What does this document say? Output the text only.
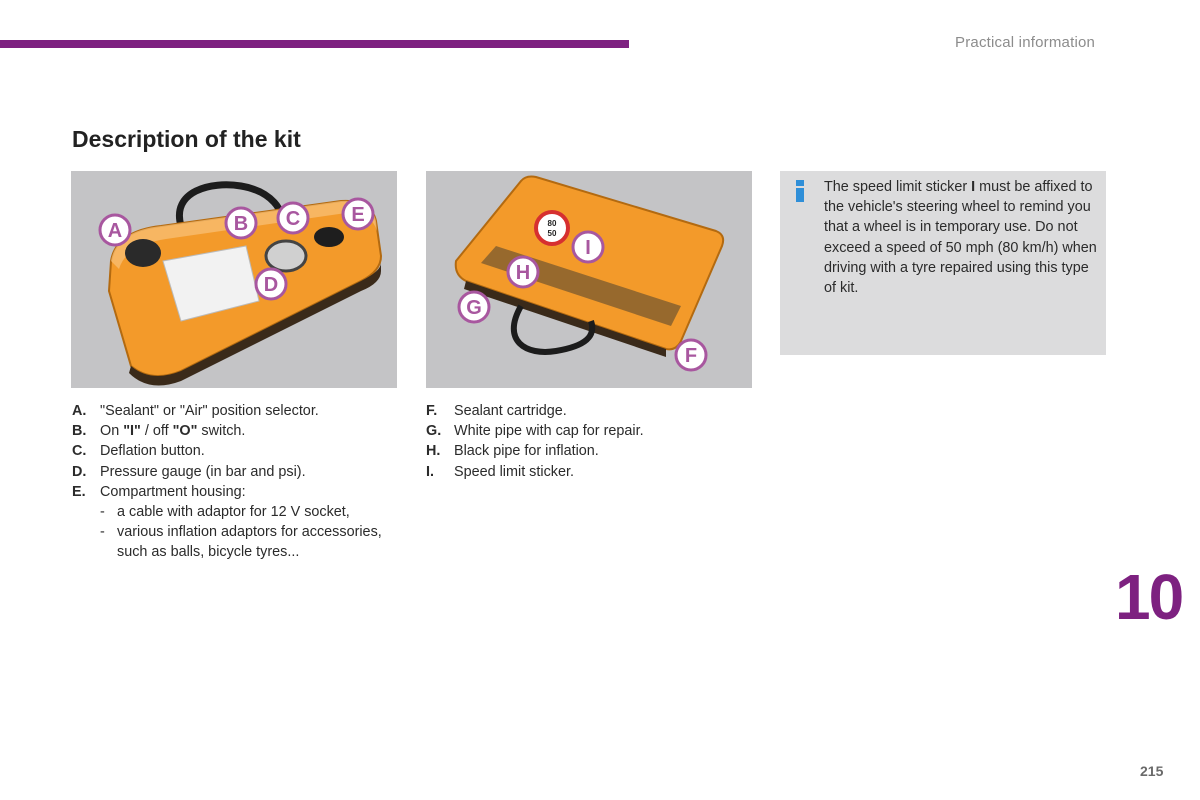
Practical information
Description of the kit
A	B C	E
D
80
50
I
H
G
F
The speed limit sticker I must be affixed to the vehicle's steering wheel to remind you that a wheel is in temporary use. Do not exceed a speed of 50 mph (80 km/h) when driving with a tyre repaired using this type of kit.
A. "Sealant" or "Air" position selector.
B. On "I" / off "O" switch.
C. Deflation button.
D. Pressure gauge (in bar and psi).
E. Compartment housing:
- a cable with adaptor for 12 V socket,
- various inflation adaptors for accessories, such as balls, bicycle tyres...
F. Sealant cartridge.
G. White pipe with cap for repair.
H. Black pipe for inflation.
I. Speed limit sticker.
10
215
